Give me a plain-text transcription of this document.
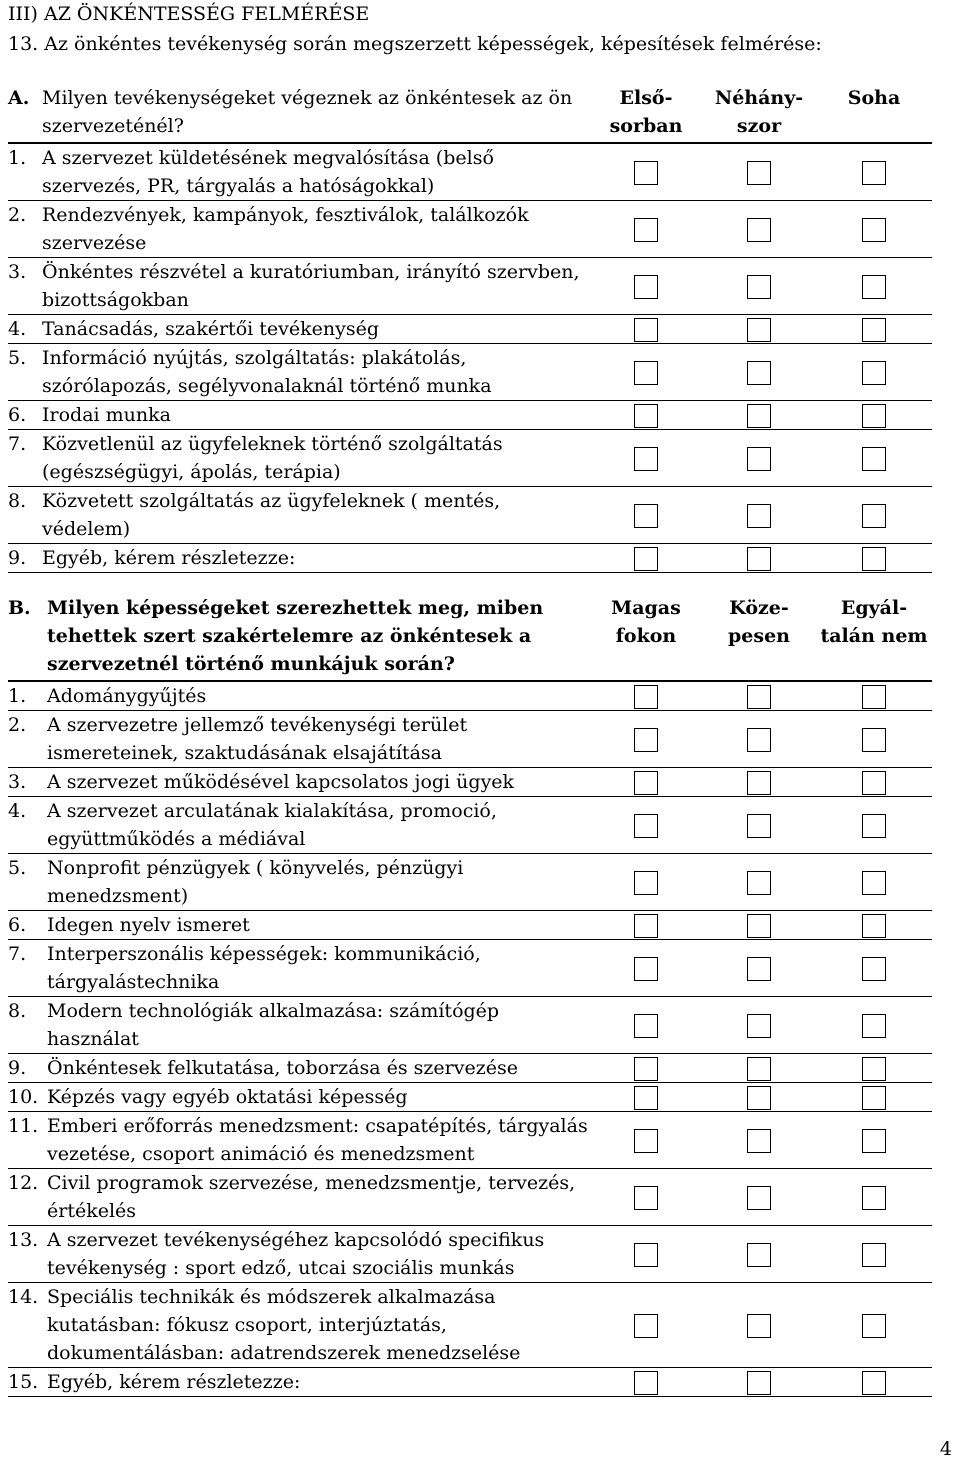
III) AZ ÖNKÉNTESSÉG FELMÉRÉSE
13. Az önkéntes tevékenység során megszerzett képességek, képesítések felmérése:
A. Milyen tevékenységeket végeznek az önkéntesek az ön szervezeténél?	Első- sorban	Néhány- szor	Soha

1. A szervezet küldetésének megvalósítása (belső szervezés, PR, tárgyalás a hatóságokkal)			

2. Rendezvények, kampányok, fesztiválok, találkozók szervezése			

3. Önkéntes részvétel a kuratóriumban, irányító szervben, bizottságokban			

4. Tanácsadás, szakértői tevékenység			

5. Információ nyújtás, szolgáltatás: plakátolás, szórólapozás, segélyvonalaknál történő munka			

6. Irodai munka			

7. Közvetlenül az ügyfeleknek történő szolgáltatás (egészségügyi, ápolás, terápia)			

8. Közvetett szolgáltatás az ügyfeleknek ( mentés, védelem)			

9. Egyéb, kérem részletezze:			

B. Milyen képességeket szerezhettek meg, miben tehettek szert szakértelemre az önkéntesek a szervezetnél történő munkájuk során?	Magas fokon	Köze- pesen	Egyál- talán nem

1. Adománygyűjtés			

2. A szervezetre jellemző tevékenységi terület ismereteinek, szaktudásának elsajátítása			

3. A szervezet működésével kapcsolatos jogi ügyek			

4. A szervezet arculatának kialakítása, promoció, együttműködés a médiával			

5. Nonprofit pénzügyek ( könyvelés, pénzügyi menedzsment)			

6. Idegen nyelv ismeret			

7. Interperszonális képességek: kommunikáció, tárgyalástechnika			

8. Modern technológiák alkalmazása: számítógép használat			

9. Önkéntesek felkutatása, toborzása és szervezése			

10. Képzés vagy egyéb oktatási képesség			

11. Emberi erőforrás menedzsment: csapatépítés, tárgyalás vezetése, csoport animáció és menedzsment			

12. Civil programok szervezése, menedzsmentje, tervezés, értékelés			

13. A szervezet tevékenységéhez kapcsolódó specifikus tevékenység : sport edző, utcai szociális munkás			

14. Speciális technikák és módszerek alkalmazása kutatásban: fókusz csoport, interjúztatás, dokumentálásban: adatrendszerek menedzselése			

15. Egyéb, kérem részletezze:			

4
